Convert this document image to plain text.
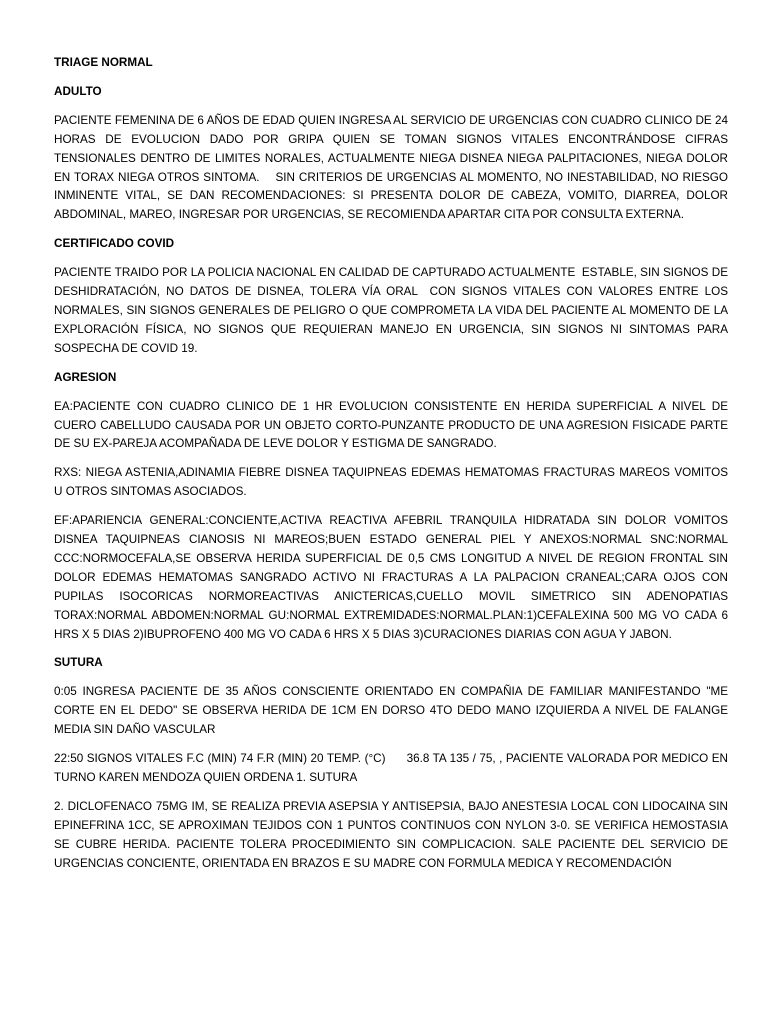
TRIAGE NORMAL
ADULTO
PACIENTE FEMENINA DE 6 AÑOS DE EDAD QUIEN INGRESA AL SERVICIO DE URGENCIAS CON CUADRO CLINICO DE 24 HORAS DE EVOLUCION DADO POR GRIPA QUIEN SE TOMAN SIGNOS VITALES ENCONTRÁNDOSE CIFRAS TENSIONALES DENTRO DE LIMITES NORALES, ACTUALMENTE NIEGA DISNEA NIEGA PALPITACIONES, NIEGA DOLOR EN TORAX NIEGA OTROS SINTOMA.    SIN CRITERIOS DE URGENCIAS AL MOMENTO, NO INESTABILIDAD, NO RIESGO INMINENTE VITAL, SE DAN RECOMENDACIONES: SI PRESENTA DOLOR DE CABEZA, VOMITO, DIARREA, DOLOR ABDOMINAL, MAREO, INGRESAR POR URGENCIAS, SE RECOMIENDA APARTAR CITA POR CONSULTA EXTERNA.
CERTIFICADO COVID
PACIENTE TRAIDO POR LA POLICIA NACIONAL EN CALIDAD DE CAPTURADO ACTUALMENTE  ESTABLE, SIN SIGNOS DE DESHIDRATACIÓN, NO DATOS DE DISNEA, TOLERA VÍA ORAL  CON SIGNOS VITALES CON VALORES ENTRE LOS NORMALES, SIN SIGNOS GENERALES DE PELIGRO O QUE COMPROMETA LA VIDA DEL PACIENTE AL MOMENTO DE LA EXPLORACIÓN FÍSICA, NO SIGNOS QUE REQUIERAN MANEJO EN URGENCIA, SIN SIGNOS NI SINTOMAS PARA SOSPECHA DE COVID 19.
AGRESION
EA:PACIENTE CON CUADRO CLINICO DE 1 HR EVOLUCION CONSISTENTE EN HERIDA SUPERFICIAL A NIVEL DE CUERO CABELLUDO CAUSADA POR UN OBJETO CORTO-PUNZANTE PRODUCTO DE UNA AGRESION FISICADE PARTE DE SU EX-PAREJA ACOMPAÑADA DE LEVE DOLOR Y ESTIGMA DE SANGRADO.
RXS: NIEGA ASTENIA,ADINAMIA FIEBRE DISNEA TAQUIPNEAS EDEMAS HEMATOMAS FRACTURAS MAREOS VOMITOS U OTROS SINTOMAS ASOCIADOS.
EF:APARIENCIA GENERAL:CONCIENTE,ACTIVA REACTIVA AFEBRIL TRANQUILA HIDRATADA SIN DOLOR VOMITOS DISNEA TAQUIPNEAS CIANOSIS NI MAREOS;BUEN ESTADO GENERAL PIEL Y ANEXOS:NORMAL SNC:NORMAL CCC:NORMOCEFALA,SE OBSERVA HERIDA SUPERFICIAL DE 0,5 CMS LONGITUD A NIVEL DE REGION FRONTAL SIN DOLOR EDEMAS HEMATOMAS SANGRADO ACTIVO NI FRACTURAS A LA PALPACION CRANEAL;CARA OJOS CON PUPILAS ISOCORICAS NORMOREACTIVAS ANICTERICAS,CUELLO MOVIL SIMETRICO SIN ADENOPATIAS TORAX:NORMAL ABDOMEN:NORMAL GU:NORMAL EXTREMIDADES:NORMAL.PLAN:1)CEFALEXINA 500 MG VO CADA 6 HRS X 5 DIAS 2)IBUPROFENO 400 MG VO CADA 6 HRS X 5 DIAS 3)CURACIONES DIARIAS CON AGUA Y JABON.
SUTURA
0:05 INGRESA PACIENTE DE 35 AÑOS CONSCIENTE ORIENTADO EN COMPAÑIA DE FAMILIAR MANIFESTANDO "ME CORTE EN EL DEDO" SE OBSERVA HERIDA DE 1CM EN DORSO 4TO DEDO MANO IZQUIERDA A NIVEL DE FALANGE MEDIA SIN DAÑO VASCULAR
22:50 SIGNOS VITALES F.C (MIN) 74 F.R (MIN) 20 TEMP. (°C)      36.8 TA 135 / 75, , PACIENTE VALORADA POR MEDICO EN TURNO KAREN MENDOZA QUIEN ORDENA 1. SUTURA
2. DICLOFENACO 75MG IM, SE REALIZA PREVIA ASEPSIA Y ANTISEPSIA, BAJO ANESTESIA LOCAL CON LIDOCAINA SIN EPINEFRINA 1CC, SE APROXIMAN TEJIDOS CON 1 PUNTOS CONTINUOS CON NYLON 3-0. SE VERIFICA HEMOSTASIA SE CUBRE HERIDA. PACIENTE TOLERA PROCEDIMIENTO SIN COMPLICACION. SALE PACIENTE DEL SERVICIO DE URGENCIAS CONCIENTE, ORIENTADA EN BRAZOS E SU MADRE CON FORMULA MEDICA Y RECOMENDACIÓN
